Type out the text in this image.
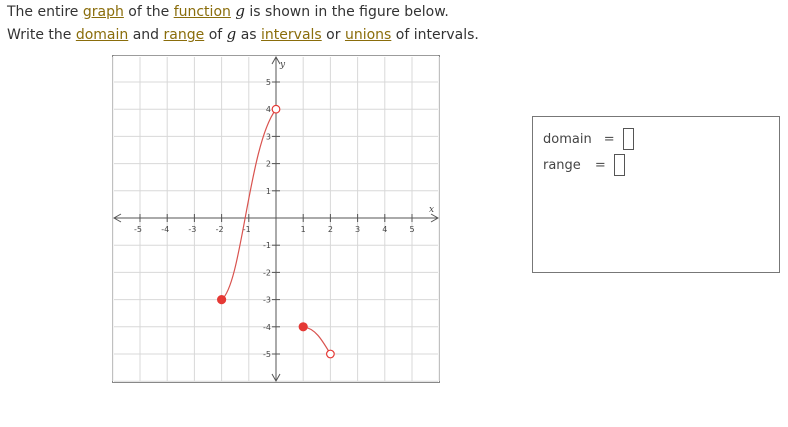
The entire graph of the function g is shown in the figure below.
Write the domain and range of g as intervals or unions of intervals.
-5 -4 -3 -2 -1	1	2	3	4	5
5
4
3
2
1
-1
-2
-3
-4
-5
x
y
domain =
range =
